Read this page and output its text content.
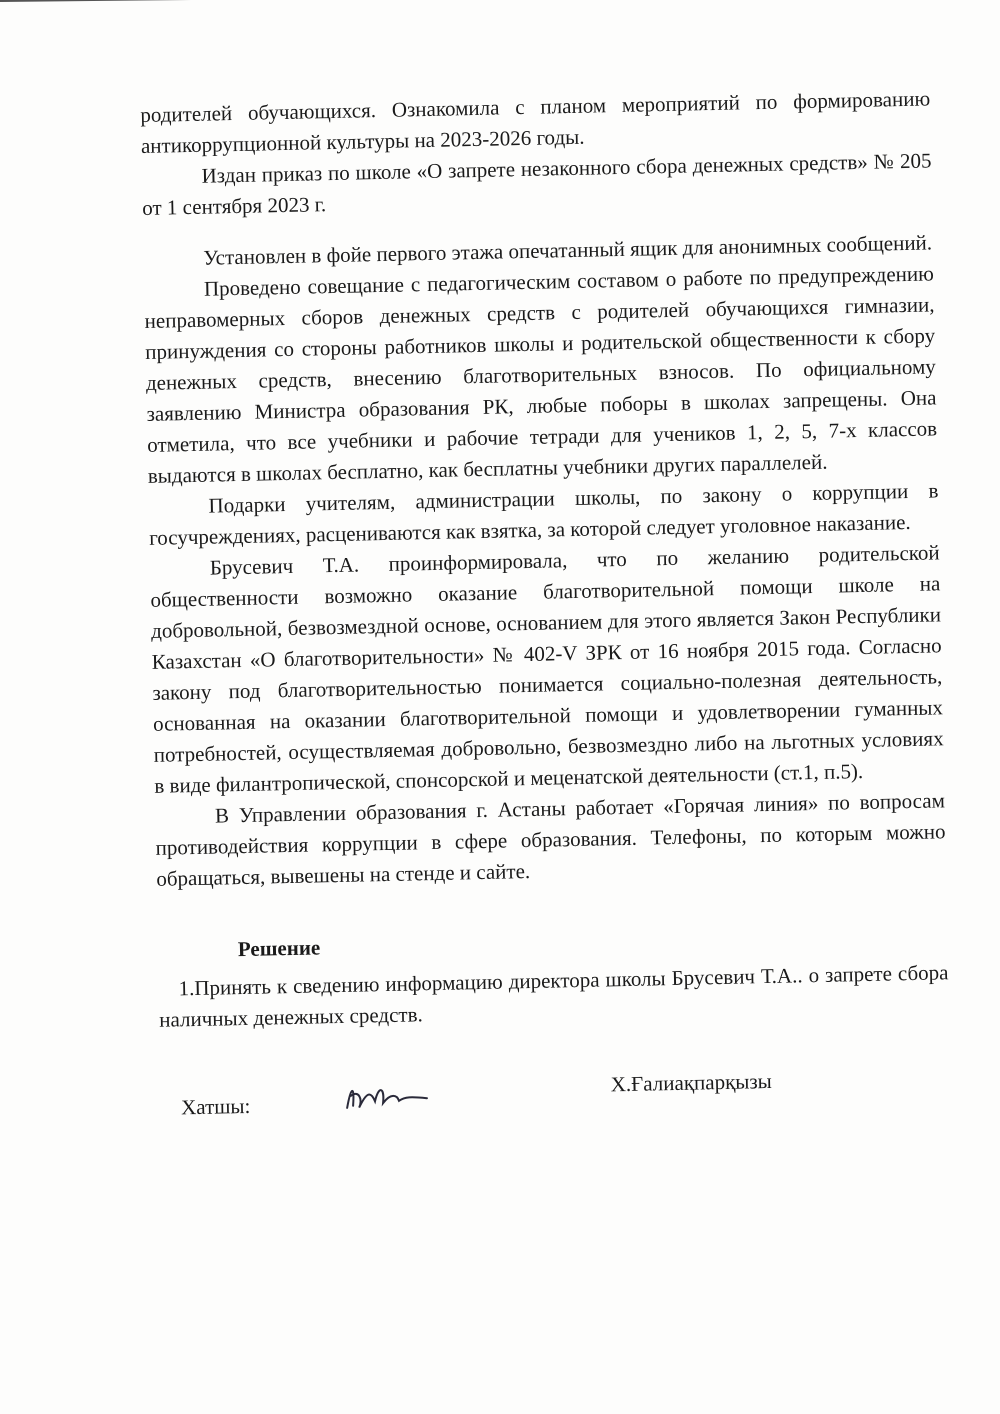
родителей обучающихся. Ознакомила с планом мероприятий по формированию антикоррупционной культуры на 2023-2026 годы.

Издан приказ по школе «О запрете незаконного сбора денежных средств» № 205 от 1 сентября 2023 г.

Установлен в фойе первого этажа опечатанный ящик для анонимных сообщений.

Проведено совещание с педагогическим составом о работе по предупреждению неправомерных сборов денежных средств с родителей обучающихся гимназии, принуждения со стороны работников школы и родительской общественности к сбору денежных средств, внесению благотворительных взносов. По официальному заявлению Министра образования РК, любые поборы в школах запрещены. Она отметила, что все учебники и рабочие тетради для учеников 1, 2, 5, 7-х классов выдаются в школах бесплатно, как бесплатны учебники других параллелей.

Подарки учителям, администрации школы, по закону о коррупции в госучреждениях, расцениваются как взятка, за которой следует уголовное наказание.

Брусевич Т.А. проинформировала, что по желанию родительской общественности возможно оказание благотворительной помощи школе на добровольной, безвозмездной основе, основанием для этого является Закон Республики Казахстан «О благотворительности» № 402-V ЗРК от 16 ноября 2015 года. Согласно закону под благотворительностью понимается социально-полезная деятельность, основанная на оказании благотворительной помощи и удовлетворении гуманных потребностей, осуществляемая добровольно, безвозмездно либо на льготных условиях в виде филантропической, спонсорской и меценатской деятельности (ст.1, п.5).

В Управлении образования г. Астаны работает «Горячая линия» по вопросам противодействия коррупции в сфере образования. Телефоны, по которым можно обращаться, вывешены на стенде и сайте.

Решение

1.Принять к сведению информацию директора школы Брусевич Т.А.. о запрете сбора наличных денежных средств.

Хатшы:
Х.Ғалиақпарқызы
